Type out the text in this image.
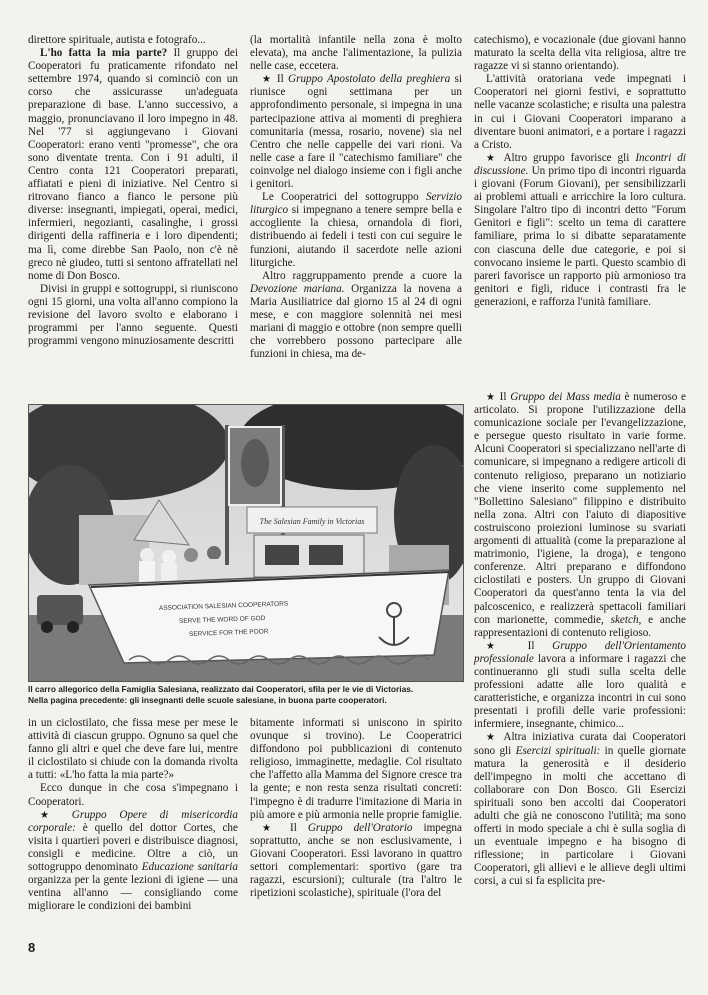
direttore spirituale, autista e fotografo...

L'ho fatta la mia parte? Il gruppo dei Cooperatori fu praticamente rifondato nel settembre 1974, quando si cominciò con un corso che assicurasse un'adeguata preparazione di base. L'anno successivo, a maggio, pronunciavano il loro impegno in 48. Nel '77 si aggiungevano i Giovani Cooperatori: erano venti "promesse", che ora sono diventate trenta. Con i 91 adulti, il Centro conta 121 Cooperatori preparati, affiatati e pieni di iniziative. Nel Centro si ritrovano fianco a fianco le persone più diverse: insegnanti, impiegati, operai, medici, infermieri, negozianti, casalinghe, i grossi dirigenti della raffineria e i loro dipendenti; ma lì, come direbbe San Paolo, non c'è nè greco nè giudeo, tutti si sentono affratellati nel nome di Don Bosco.

Divisi in gruppi e sottogruppi, si riuniscono ogni 15 giorni, una volta all'anno compiono la revisione del lavoro svolto e elaborano i programmi per l'anno seguente. Questi programmi vengono minuziosamente descritti

(la mortalità infantile nella zona è molto elevata), ma anche l'alimentazione, la pulizia nelle case, eccetera.

★ Il Gruppo Apostolato della preghiera si riunisce ogni settimana per un approfondimento personale, si impegna in una partecipazione attiva ai momenti di preghiera comunitaria (messa, rosario, novene) sia nel Centro che nelle cappelle dei vari rioni. Va nelle case a fare il "catechismo familiare" che coinvolge nel dialogo insieme con i figli anche i genitori.

Le Cooperatrici del sottogruppo Servizio liturgico si impegnano a tenere sempre bella e accogliente la chiesa, ornandola di fiori, distribuendo ai fedeli i testi con cui seguire le funzioni, aiutando il sacerdote nelle azioni liturgiche.

Altro raggruppamento prende a cuore la Devozione mariana. Organizza la novena a Maria Ausiliatrice dal giorno 15 al 24 di ogni mese, e con maggiore solennità nei mesi mariani di maggio e ottobre (non sempre quelli che vorrebbero possono partecipare alle funzioni in chiesa, ma de-

catechismo), e vocazionale (due giovani hanno maturato la scelta della vita religiosa, altre tre ragazze vi si stanno orientando).

L'attività oratoriana vede impegnati i Cooperatori nei giorni festivi, e soprattutto nelle vacanze scolastiche; e risulta una palestra in cui i Giovani Cooperatori imparano a diventare buoni animatori, e a portare i ragazzi a Cristo.

★ Altro gruppo favorisce gli Incontri di discussione. Un primo tipo di incontri riguarda i giovani (Forum Giovani), per sensibilizzarli ai problemi attuali e arricchire la loro cultura. Singolare l'altro tipo di incontri detto "Forum Genitori e figli": scelto un tema di carattere familiare, prima lo si dibatte separatamente con ciascuna delle due categorie, e poi si convocano insieme le parti. Questo scambio di pareri favorisce un rapporto più armonioso tra genitori e figli, riduce i contrasti fra le generazioni, e rafforza l'unità familiare.

The Salesian Family in Victorias
ASSOCIATION SALESIAN COOPERATORS
SERVE THE WORD OF GOD
SERVICE FOR THE POOR
Il carro allegorico della Famiglia Salesiana, realizzato dai Cooperatori, sfila per le vie di Victorias.
Nella pagina precedente: gli insegnanti delle scuole salesiane, in buona parte cooperatori.

in un ciclostilato, che fissa mese per mese le attività di ciascun gruppo. Ognuno sa quel che fanno gli altri e quel che deve fare lui, mentre il ciclostilato si chiude con la domanda rivolta a tutti: «L'ho fatta la mia parte?»

Ecco dunque in che cosa s'impegnano i Cooperatori.

★ Gruppo Opere di misericordia corporale: è quello del dottor Cortes, che visita i quartieri poveri e distribuisce diagnosi, consigli e medicine. Oltre a ciò, un sottogruppo denominato Educazione sanitaria organizza per la gente lezioni di igiene — una ventina all'anno — consigliando come migliorare le condizioni dei bambini

bitamente informati si uniscono in spirito ovunque si trovino). Le Cooperatrici diffondono poi pubblicazioni di contenuto religioso, immaginette, medaglie. Col risultato che l'affetto alla Mamma del Signore cresce tra la gente; e non resta senza risultati concreti: l'impegno è di tradurre l'imitazione di Maria in più amore e più armonia nelle proprie famiglie.

★ Il Gruppo dell'Oratorio impegna soprattutto, anche se non esclusivamente, i Giovani Cooperatori. Essi lavorano in quattro settori complementari: sportivo (gare tra ragazzi, escursioni); culturale (tra l'altro le ripetizioni scolastiche), spirituale (l'ora del

★ Il Gruppo dei Mass media è numeroso e articolato. Si propone l'utilizzazione della comunicazione sociale per l'evangelizzazione, e persegue questo risultato in varie forme. Alcuni Cooperatori si specializzano nell'arte di comunicare, si impegnano a redigere articoli di contenuto religioso, preparano un notiziario che viene inserito come supplemento nel "Bollettino Salesiano" filippino e distribuito nella zona. Altri con l'aiuto di diapositive costruiscono proiezioni luminose su svariati argomenti di attualità (come la preparazione al matrimonio, l'igiene, la droga), e tengono conferenze. Altri preparano e diffondono ciclostilati e posters. Un gruppo di Giovani Cooperatori da quest'anno tenta la via del palcoscenico, e realizzerà spettacoli familiari con marionette, commedie, sketch, e anche rappresentazioni di contenuto religioso.

★ Il Gruppo dell'Orientamento professionale lavora a informare i ragazzi che continueranno gli studi sulla scelta delle professioni adatte alle loro qualità e caratteristiche, e organizza incontri in cui sono presentati i profili delle varie professioni: infermiere, insegnante, chimico...

★ Altra iniziativa curata dai Cooperatori sono gli Esercizi spirituali: in quelle giornate matura la generosità e il desiderio dell'impegno in molti che accettano di collaborare con Don Bosco. Gli Esercizi spirituali sono ben accolti dai Cooperatori adulti che già ne conoscono l'utilità; ma sono offerti in modo speciale a chi è sulla soglia di un eventuale impegno e ha bisogno di riflessione; in particolare i Giovani Cooperatori, gli allievi e le allieve degli ultimi corsi, a cui si fa esplicita pre-

8
